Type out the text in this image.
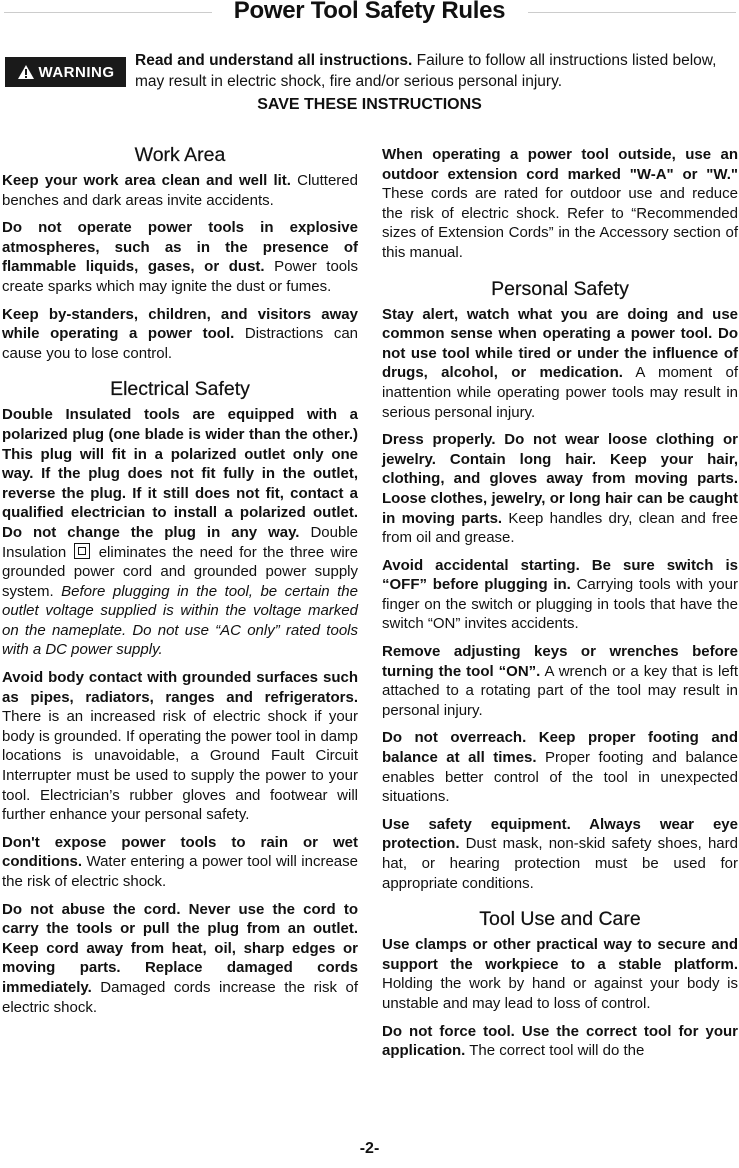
Power Tool Safety Rules
WARNING
Read and understand all instructions. Failure to follow all instructions listed below, may result in electric shock, fire and/or serious personal injury.
SAVE THESE INSTRUCTIONS
Work Area

Keep your work area clean and well lit. Cluttered benches and dark areas invite accidents.

Do not operate power tools in explosive atmospheres, such as in the presence of flammable liquids, gases, or dust. Power tools create sparks which may ignite the dust or fumes.

Keep by-standers, children, and visitors away while operating a power tool. Distractions can cause you to lose control.

Electrical Safety

Double Insulated tools are equipped with a polarized plug (one blade is wider than the other.) This plug will fit in a polarized outlet only one way. If the plug does not fit fully in the outlet, reverse the plug. If it still does not fit, contact a qualified electrician to install a polarized outlet. Do not change the plug in any way. Double Insulation  eliminates the need for the three wire grounded power cord and grounded power supply system. Before plugging in the tool, be certain the outlet voltage supplied is within the voltage marked on the nameplate. Do not use “AC only” rated tools with a DC power supply.

Avoid body contact with grounded surfaces such as pipes, radiators, ranges and refrigerators. There is an increased risk of electric shock if your body is grounded. If operating the power tool in damp locations is unavoidable, a Ground Fault Circuit Interrupter must be used to supply the power to your tool. Electrician’s rubber gloves and footwear will further enhance your personal safety.

Don't expose power tools to rain or wet conditions. Water entering a power tool will increase the risk of electric shock.

Do not abuse the cord. Never use the cord to carry the tools or pull the plug from an outlet. Keep cord away from heat, oil, sharp edges or moving parts. Replace damaged cords immediately. Damaged cords increase the risk of electric shock.

When operating a power tool outside, use an outdoor extension cord marked "W-A" or "W." These cords are rated for outdoor use and reduce the risk of electric shock. Refer to “Recommended sizes of Extension Cords” in the Accessory section of this manual.

Personal Safety

Stay alert, watch what you are doing and use common sense when operating a power tool. Do not use tool while tired or under the influence of drugs, alcohol, or medication. A moment of inattention while operating power tools may result in serious personal injury.

Dress properly. Do not wear loose clothing or jewelry. Contain long hair. Keep your hair, clothing, and gloves away from moving parts. Loose clothes, jewelry, or long hair can be caught in moving parts. Keep handles dry, clean and free from oil and grease.

Avoid accidental starting. Be sure switch is “OFF” before plugging in. Carrying tools with your finger on the switch or plugging in tools that have the switch “ON” invites accidents.

Remove adjusting keys or wrenches before turning the tool “ON”. A wrench or a key that is left attached to a rotating part of the tool may result in personal injury.

Do not overreach. Keep proper footing and balance at all times. Proper footing and balance enables better control of the tool in unexpected situations.

Use safety equipment. Always wear eye protection. Dust mask, non-skid safety shoes, hard hat, or hearing protection must be used for appropriate conditions.

Tool Use and Care

Use clamps or other practical way to secure and support the workpiece to a stable platform. Holding the work by hand or against your body is unstable and may lead to loss of control.

Do not force tool. Use the correct tool for your application. The correct tool will do the

-2-
